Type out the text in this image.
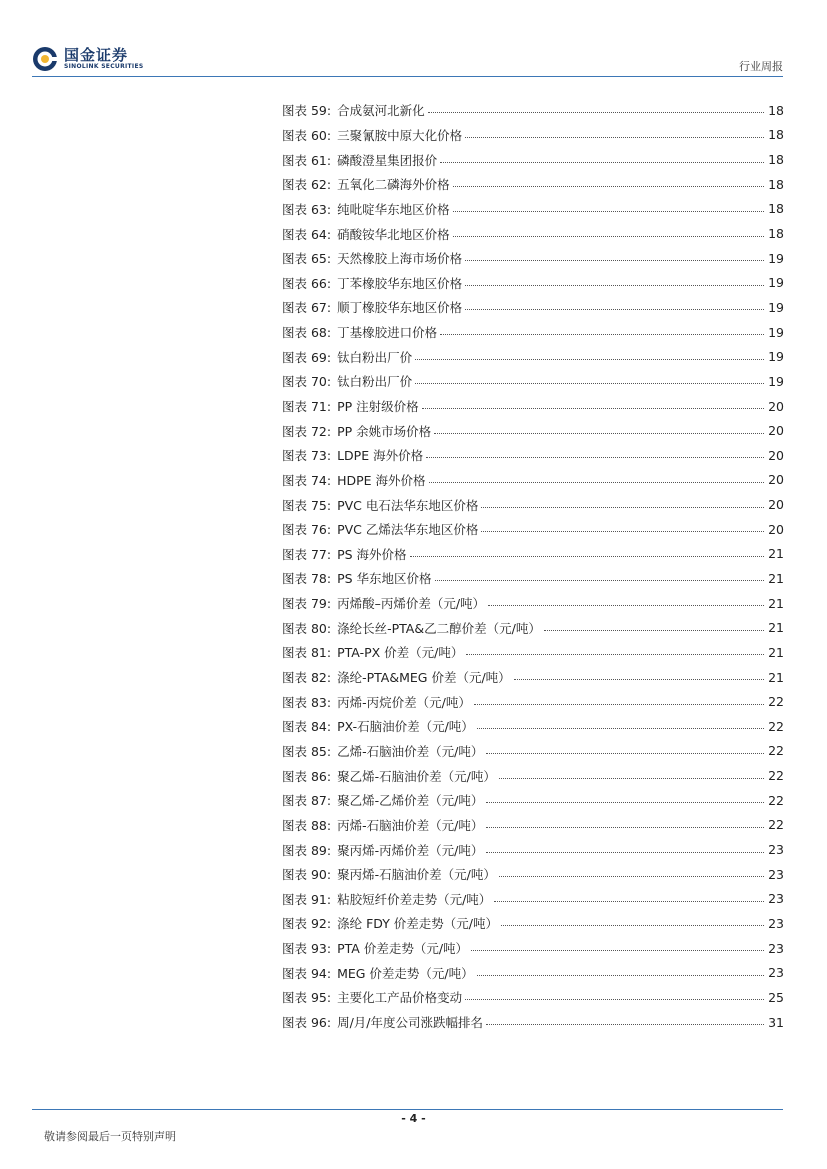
国金证券
SINOLINK SECURITIES	行业周报
图表 59: 合成氨河北新化	18
图表 60: 三聚氰胺中原大化价格	18
图表 61: 磷酸澄星集团报价	18
图表 62: 五氧化二磷海外价格	18
图表 63: 纯吡啶华东地区价格	18
图表 64: 硝酸铵华北地区价格	18
图表 65: 天然橡胶上海市场价格	19
图表 66: 丁苯橡胶华东地区价格	19
图表 67: 顺丁橡胶华东地区价格	19
图表 68: 丁基橡胶进口价格	19
图表 69: 钛白粉出厂价	19
图表 70: 钛白粉出厂价	19
图表 71: PP 注射级价格	20
图表 72: PP 余姚市场价格	20
图表 73: LDPE 海外价格	20
图表 74: HDPE 海外价格	20
图表 75: PVC 电石法华东地区价格	20
图表 76: PVC 乙烯法华东地区价格	20
图表 77: PS 海外价格	21
图表 78: PS 华东地区价格	21
图表 79: 丙烯酸–丙烯价差（元/吨）	21
图表 80: 涤纶长丝-PTA&乙二醇价差（元/吨）	21
图表 81: PTA-PX 价差（元/吨）	21
图表 82: 涤纶-PTA&MEG 价差（元/吨）	21
图表 83: 丙烯-丙烷价差（元/吨）	22
图表 84: PX-石脑油价差（元/吨）	22
图表 85: 乙烯-石脑油价差（元/吨）	22
图表 86: 聚乙烯-石脑油价差（元/吨）	22
图表 87: 聚乙烯-乙烯价差（元/吨）	22
图表 88: 丙烯-石脑油价差（元/吨）	22
图表 89: 聚丙烯-丙烯价差（元/吨）	23
图表 90: 聚丙烯-石脑油价差（元/吨）	23
图表 91: 粘胶短纤价差走势（元/吨）	23
图表 92: 涤纶 FDY 价差走势（元/吨）	23
图表 93: PTA 价差走势（元/吨）	23
图表 94: MEG 价差走势（元/吨）	23
图表 95: 主要化工产品价格变动	25
图表 96: 周/月/年度公司涨跌幅排名	31
- 4 -
敬请参阅最后一页特别声明
